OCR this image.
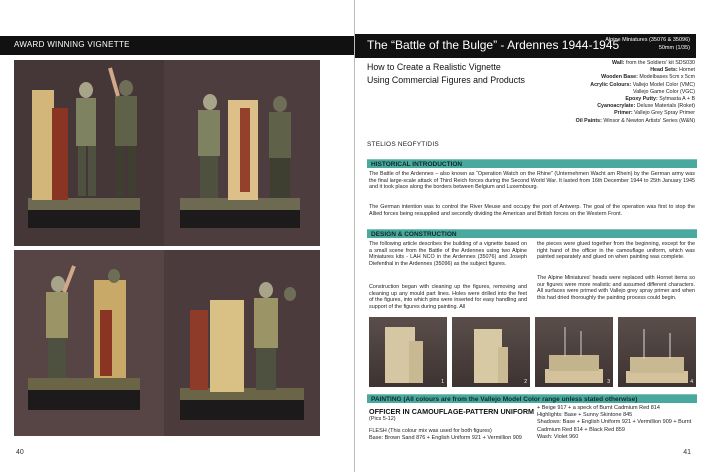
AWARD WINNING VIGNETTE
40
The “Battle of the Bulge” - Ardennes 1944-1945
Alpine Miniatures (35076 & 35096)
50mm (1/35)
How to Create a Realistic Vignette
Using Commercial Figures and Products
Wall: from the Soldiers' kit SDS030
Head Sets: Hornet
Wooden Base: Modelbases 5cm x 5cm
Acrylic Colours: Vallejo Model Color (VMC)
Vallejo Game Color (VGC)
Epoxy Putty: Sylmasta A + B
Cyanoacrylate: Deluxe Materials (Roket)
Primer: Vallejo Grey Spray Primer
Oil Paints: Winsor & Newton Artists' Series (W&N)
STELIOS NEOFYTIDIS
HISTORICAL INTRODUCTION

The Battle of the Ardennes – also known as “Operation Watch on the Rhine” (Unternehmen Wacht am Rhein) by the German army was the final large-scale attack of Third Reich forces during the Second World War. It lasted from 16th December 1944 to 25th January 1945 and it took place along the borders between Belgium and Luxembourg.

The German intention was to control the River Meuse and occupy the port of Antwerp. The goal of the operation was first to stop the Allied forces being resupplied and secondly dividing the American and British forces on the Western Front.

DESIGN & CONSTRUCTION

The following article describes the building of a vignette based on a small scene from the Battle of the Ardennes using two Alpine Miniatures kits - LAH NCO in the Ardennes (35076) and Joseph Diefenthal in the Ardennes (35096) as the subject figures.

Construction began with cleaning up the figures, removing and cleaning up any mould part lines. Holes were drilled into the feet of the figures, into which pins were inserted for easy handling and support of the figures during painting. All

the pieces were glued together from the beginning, except for the right hand of the officer in the camouflage uniform, which was painted separately and glued on when painting was complete.

The Alpine Miniatures' heads were replaced with Hornet items so our figures were more realistic and assumed different characters. All surfaces were primed with Vallejo grey spray primer and when this had dried thoroughly the painting process could begin.

1	2	3	4
PAINTING (All colours are from the Vallejo Model Color range unless stated otherwise)
OFFICER IN CAMOUFLAGE-PATTERN UNIFORM
(Pics 5-12)
FLESH (This colour mix was used for both figures)
Base: Brown Sand 876 + English Uniform 921 + Vermillion 909
+ Beige 917 + a speck of Burnt Cadmium Red 814
Highlights: Base + Sunny Skintone 845
Shadows: Base + English Uniform 921 + Vermillion 909 + Burnt Cadmium Red 814 + Black Red 859
Wash: Violet 960
41
